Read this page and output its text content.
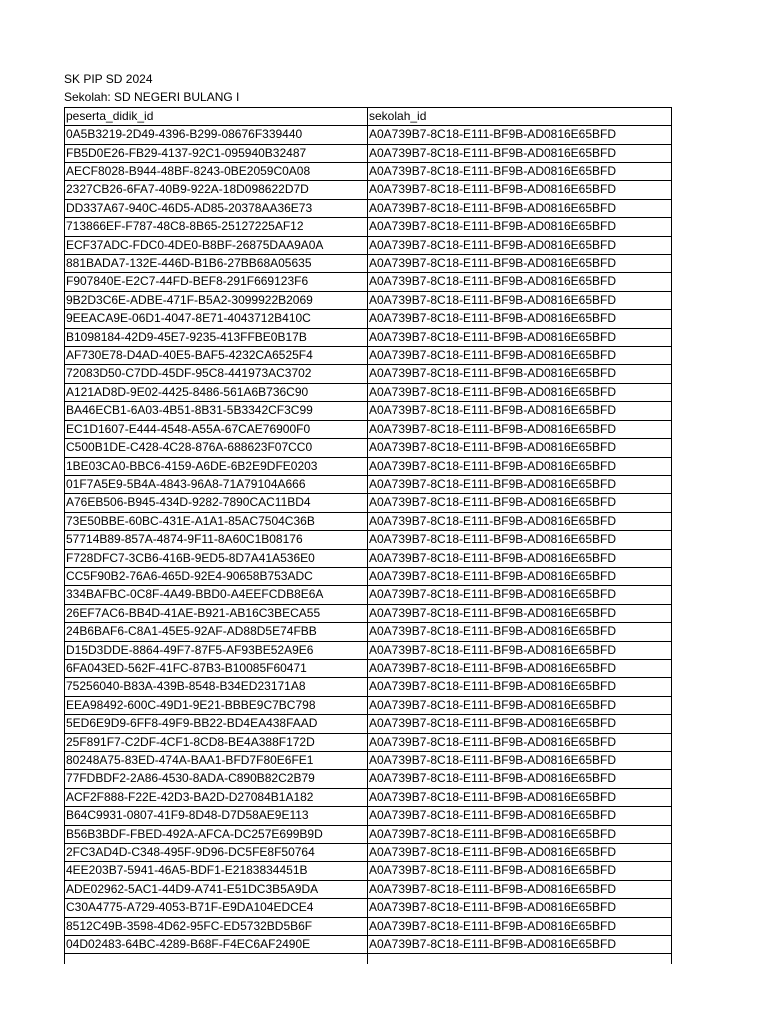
SK PIP SD 2024
Sekolah: SD NEGERI BULANG I
peserta_didik_id	sekolah_id
0A5B3219-2D49-4396-B299-08676F339440	A0A739B7-8C18-E111-BF9B-AD0816E65BFD
FB5D0E26-FB29-4137-92C1-095940B32487	A0A739B7-8C18-E111-BF9B-AD0816E65BFD
AECF8028-B944-48BF-8243-0BE2059C0A08	A0A739B7-8C18-E111-BF9B-AD0816E65BFD
2327CB26-6FA7-40B9-922A-18D098622D7D	A0A739B7-8C18-E111-BF9B-AD0816E65BFD
DD337A67-940C-46D5-AD85-20378AA36E73	A0A739B7-8C18-E111-BF9B-AD0816E65BFD
713866EF-F787-48C8-8B65-25127225AF12	A0A739B7-8C18-E111-BF9B-AD0816E65BFD
ECF37ADC-FDC0-4DE0-B8BF-26875DAA9A0A	A0A739B7-8C18-E111-BF9B-AD0816E65BFD
881BADA7-132E-446D-B1B6-27BB68A05635	A0A739B7-8C18-E111-BF9B-AD0816E65BFD
F907840E-E2C7-44FD-BEF8-291F669123F6	A0A739B7-8C18-E111-BF9B-AD0816E65BFD
9B2D3C6E-ADBE-471F-B5A2-3099922B2069	A0A739B7-8C18-E111-BF9B-AD0816E65BFD
9EEACA9E-06D1-4047-8E71-4043712B410C	A0A739B7-8C18-E111-BF9B-AD0816E65BFD
B1098184-42D9-45E7-9235-413FFBE0B17B	A0A739B7-8C18-E111-BF9B-AD0816E65BFD
AF730E78-D4AD-40E5-BAF5-4232CA6525F4	A0A739B7-8C18-E111-BF9B-AD0816E65BFD
72083D50-C7DD-45DF-95C8-441973AC3702	A0A739B7-8C18-E111-BF9B-AD0816E65BFD
A121AD8D-9E02-4425-8486-561A6B736C90	A0A739B7-8C18-E111-BF9B-AD0816E65BFD
BA46ECB1-6A03-4B51-8B31-5B3342CF3C99	A0A739B7-8C18-E111-BF9B-AD0816E65BFD
EC1D1607-E444-4548-A55A-67CAE76900F0	A0A739B7-8C18-E111-BF9B-AD0816E65BFD
C500B1DE-C428-4C28-876A-688623F07CC0	A0A739B7-8C18-E111-BF9B-AD0816E65BFD
1BE03CA0-BBC6-4159-A6DE-6B2E9DFE0203	A0A739B7-8C18-E111-BF9B-AD0816E65BFD
01F7A5E9-5B4A-4843-96A8-71A79104A666	A0A739B7-8C18-E111-BF9B-AD0816E65BFD
A76EB506-B945-434D-9282-7890CAC11BD4	A0A739B7-8C18-E111-BF9B-AD0816E65BFD
73E50BBE-60BC-431E-A1A1-85AC7504C36B	A0A739B7-8C18-E111-BF9B-AD0816E65BFD
57714B89-857A-4874-9F11-8A60C1B08176	A0A739B7-8C18-E111-BF9B-AD0816E65BFD
F728DFC7-3CB6-416B-9ED5-8D7A41A536E0	A0A739B7-8C18-E111-BF9B-AD0816E65BFD
CC5F90B2-76A6-465D-92E4-90658B753ADC	A0A739B7-8C18-E111-BF9B-AD0816E65BFD
334BAFBC-0C8F-4A49-BBD0-A4EEFCDB8E6A	A0A739B7-8C18-E111-BF9B-AD0816E65BFD
26EF7AC6-BB4D-41AE-B921-AB16C3BECA55	A0A739B7-8C18-E111-BF9B-AD0816E65BFD
24B6BAF6-C8A1-45E5-92AF-AD88D5E74FBB	A0A739B7-8C18-E111-BF9B-AD0816E65BFD
D15D3DDE-8864-49F7-87F5-AF93BE52A9E6	A0A739B7-8C18-E111-BF9B-AD0816E65BFD
6FA043ED-562F-41FC-87B3-B10085F60471	A0A739B7-8C18-E111-BF9B-AD0816E65BFD
75256040-B83A-439B-8548-B34ED23171A8	A0A739B7-8C18-E111-BF9B-AD0816E65BFD
EEA98492-600C-49D1-9E21-BBBE9C7BC798	A0A739B7-8C18-E111-BF9B-AD0816E65BFD
5ED6E9D9-6FF8-49F9-BB22-BD4EA438FAAD	A0A739B7-8C18-E111-BF9B-AD0816E65BFD
25F891F7-C2DF-4CF1-8CD8-BE4A388F172D	A0A739B7-8C18-E111-BF9B-AD0816E65BFD
80248A75-83ED-474A-BAA1-BFD7F80E6FE1	A0A739B7-8C18-E111-BF9B-AD0816E65BFD
77FDBDF2-2A86-4530-8ADA-C890B82C2B79	A0A739B7-8C18-E111-BF9B-AD0816E65BFD
ACF2F888-F22E-42D3-BA2D-D27084B1A182	A0A739B7-8C18-E111-BF9B-AD0816E65BFD
B64C9931-0807-41F9-8D48-D7D58AE9E113	A0A739B7-8C18-E111-BF9B-AD0816E65BFD
B56B3BDF-FBED-492A-AFCA-DC257E699B9D	A0A739B7-8C18-E111-BF9B-AD0816E65BFD
2FC3AD4D-C348-495F-9D96-DC5FE8F50764	A0A739B7-8C18-E111-BF9B-AD0816E65BFD
4EE203B7-5941-46A5-BDF1-E2183834451B	A0A739B7-8C18-E111-BF9B-AD0816E65BFD
ADE02962-5AC1-44D9-A741-E51DC3B5A9DA	A0A739B7-8C18-E111-BF9B-AD0816E65BFD
C30A4775-A729-4053-B71F-E9DA104EDCE4	A0A739B7-8C18-E111-BF9B-AD0816E65BFD
8512C49B-3598-4D62-95FC-ED5732BD5B6F	A0A739B7-8C18-E111-BF9B-AD0816E65BFD
04D02483-64BC-4289-B68F-F4EC6AF2490E	A0A739B7-8C18-E111-BF9B-AD0816E65BFD
